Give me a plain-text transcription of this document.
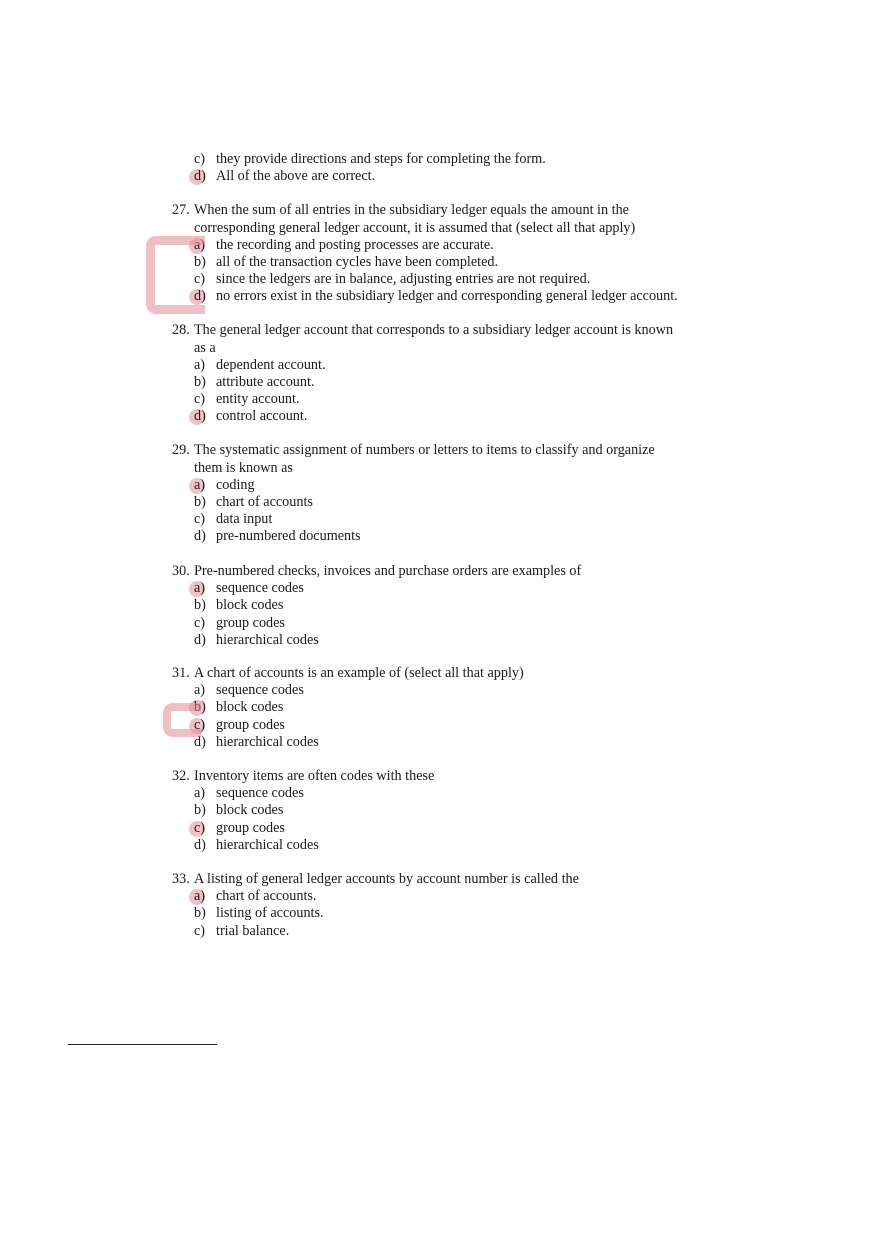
c) they provide directions and steps for completing the form.
d) All of the above are correct.
27. When the sum of all entries in the subsidiary ledger equals the amount in the
corresponding general ledger account, it is assumed that (select all that apply)
a) the recording and posting processes are accurate.
b) all of the transaction cycles have been completed.
c) since the ledgers are in balance, adjusting entries are not required.
d) no errors exist in the subsidiary ledger and corresponding general ledger account.
28. The general ledger account that corresponds to a subsidiary ledger account is known
as a
a) dependent account.
b) attribute account.
c) entity account.
d) control account.
29. The systematic assignment of numbers or letters to items to classify and organize
them is known as
a) coding
b) chart of accounts
c) data input
d) pre-numbered documents
30. Pre-numbered checks, invoices and purchase orders are examples of
a) sequence codes
b) block codes
c) group codes
d) hierarchical codes
31. A chart of accounts is an example of (select all that apply)
a) sequence codes
b) block codes
c) group codes
d) hierarchical codes
32. Inventory items are often codes with these
a) sequence codes
b) block codes
c) group codes
d) hierarchical codes
33. A listing of general ledger accounts by account number is called the
a) chart of accounts.
b) listing of accounts.
c) trial balance.
